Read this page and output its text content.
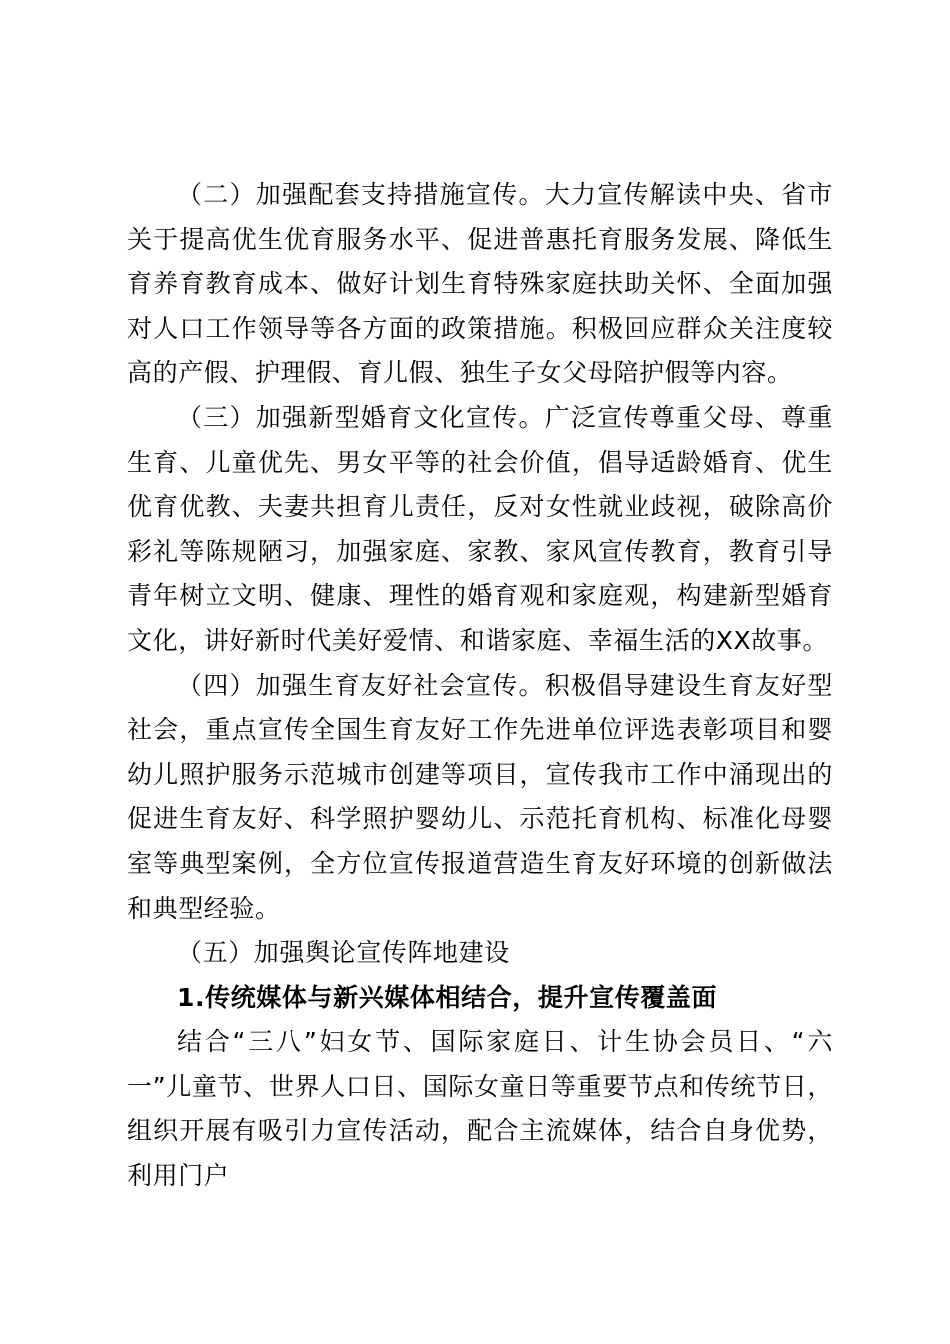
（二）加强配套支持措施宣传。大力宣传解读中央、省市关于提高优生优育服务水平、促进普惠托育服务发展、降低生育养育教育成本、做好计划生育特殊家庭扶助关怀、全面加强对人口工作领导等各方面的政策措施。积极回应群众关注度较高的产假、护理假、育儿假、独生子女父母陪护假等内容。

（三）加强新型婚育文化宣传。广泛宣传尊重父母、尊重生育、儿童优先、男女平等的社会价值，倡导适龄婚育、优生优育优教、夫妻共担育儿责任，反对女性就业歧视，破除高价彩礼等陈规陋习，加强家庭、家教、家风宣传教育，教育引导青年树立文明、健康、理性的婚育观和家庭观，构建新型婚育文化，讲好新时代美好爱情、和谐家庭、幸福生活的XX故事。

（四）加强生育友好社会宣传。积极倡导建设生育友好型社会，重点宣传全国生育友好工作先进单位评选表彰项目和婴幼儿照护服务示范城市创建等项目，宣传我市工作中涌现出的促进生育友好、科学照护婴幼儿、示范托育机构、标准化母婴室等典型案例，全方位宣传报道营造生育友好环境的创新做法和典型经验。

（五）加强舆论宣传阵地建设

1.传统媒体与新兴媒体相结合，提升宣传覆盖面

结合“三八”妇女节、国际家庭日、计生协会员日、“六一”儿童节、世界人口日、国际女童日等重要节点和传统节日，组织开展有吸引力宣传活动，配合主流媒体，结合自身优势，利用门户
